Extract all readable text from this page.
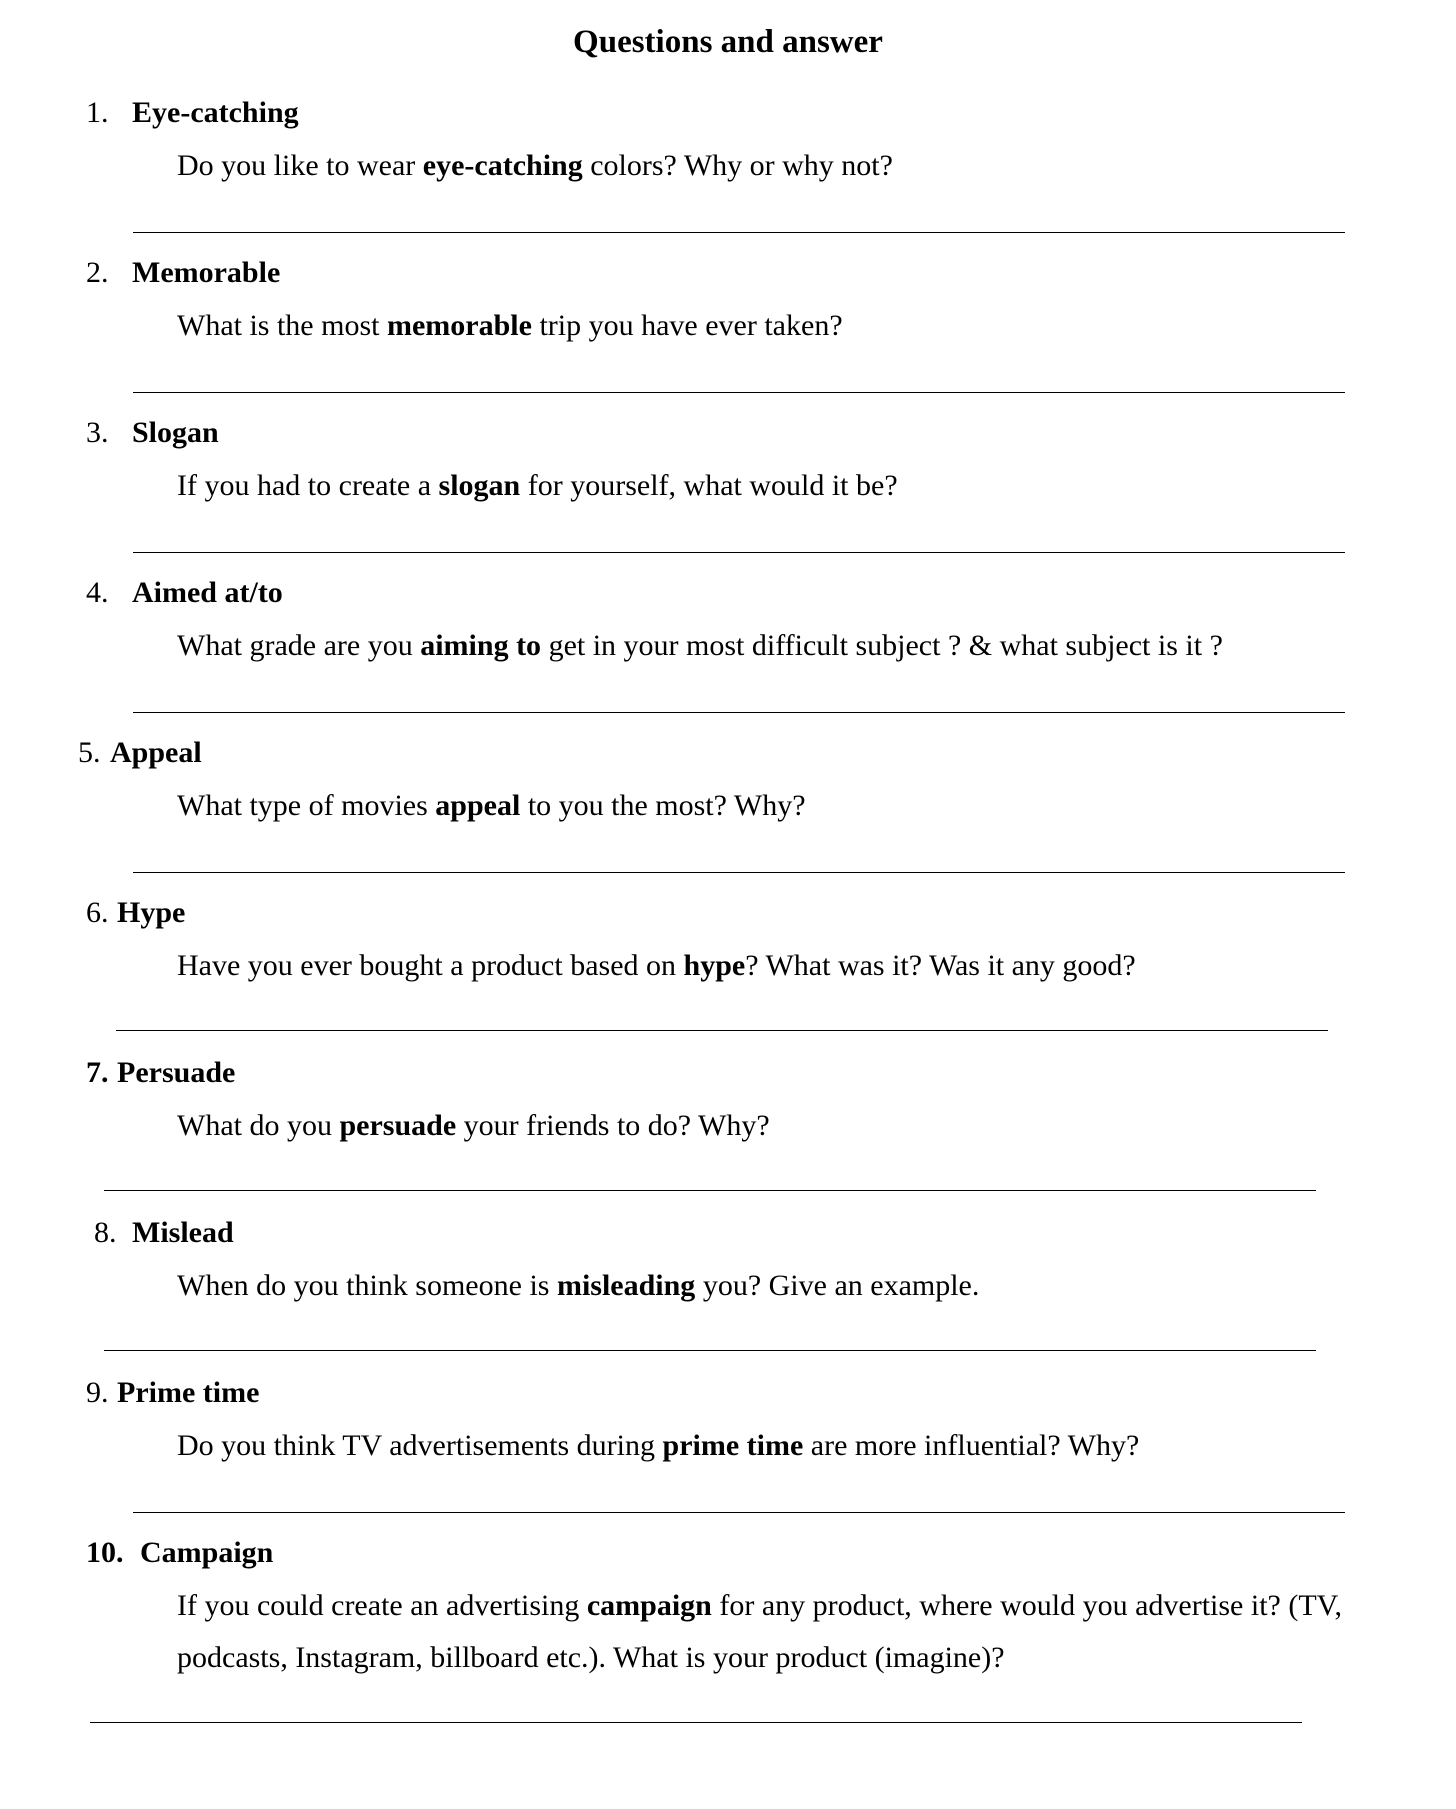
Questions and answer
1. Eye-catching
Do you like to wear eye-catching colors? Why or why not?
2. Memorable
What is the most memorable trip you have ever taken?
3. Slogan
If you had to create a slogan for yourself, what would it be?
4. Aimed at/to
What grade are you aiming to get in your most difficult subject ? & what subject is it ?
5. Appeal
What type of movies appeal to you the most? Why?
6. Hype
Have you ever bought a product based on hype? What was it? Was it any good?
7. Persuade
What do you persuade your friends to do? Why?
8. Mislead
When do you think someone is misleading you? Give an example.
9. Prime time
Do you think TV advertisements during prime time are more influential? Why?
10. Campaign
If you could create an advertising campaign for any product, where would you advertise it? (TV, podcasts, Instagram, billboard etc.). What is your product (imagine)?
